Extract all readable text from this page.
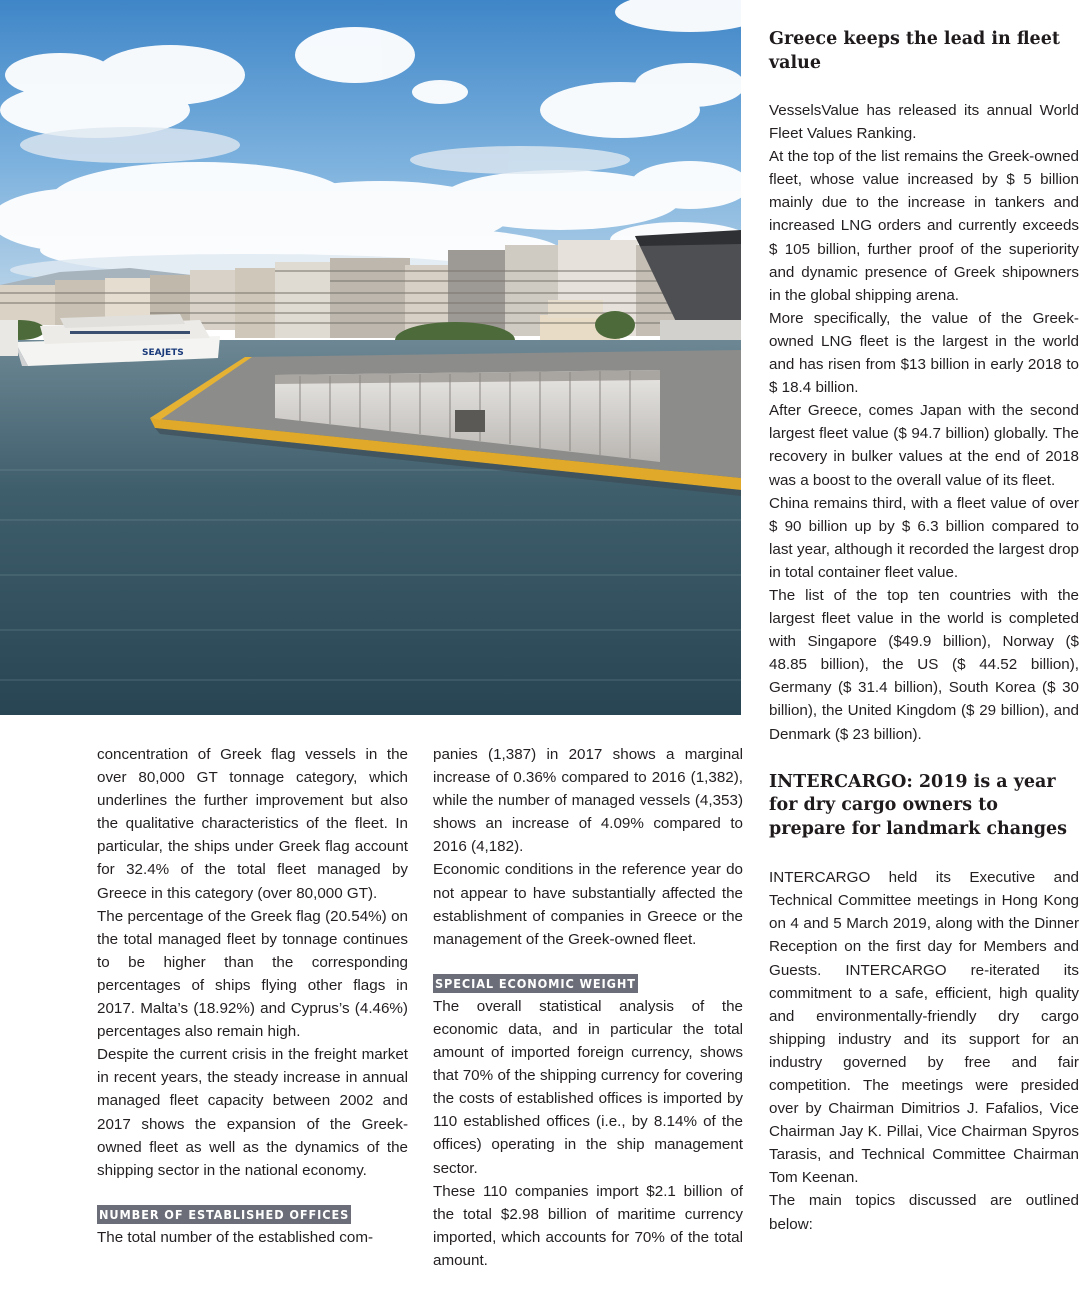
SEAJETS

concentration of Greek flag vessels in the over 80,000 GT tonnage category, which underlines the further improvement but also the qualitative characteristics of the fleet. In particular, the ships under Greek flag account for 32.4% of the total fleet managed by Greece in this category (over 80,000 GT).

The percentage of the Greek flag (20.54%) on the total managed fleet by tonnage continues to be higher than the corresponding percentages of ships flying other flags in 2017. Malta’s (18.92%) and Cyprus’s (4.46%) percentages also remain high.

Despite the current crisis in the freight market in recent years, the steady increase in annual managed fleet capacity between 2002 and 2017 shows the expansion of the Greek-owned fleet as well as the dynamics of the shipping sector in the national economy.

NUMBER OF ESTABLISHED OFFICES

The total number of the established com-

panies (1,387) in 2017 shows a marginal increase of 0.36% compared to 2016 (1,382), while the number of managed vessels (4,353) shows an increase of 4.09% compared to 2016 (4,182).

Economic conditions in the reference year do not appear to have substantially affected the establishment of companies in Greece or the management of the Greek-owned fleet.

SPECIAL ECONOMIC WEIGHT

The overall statistical analysis of the economic data, and in particular the total amount of imported foreign currency, shows that 70% of the shipping currency for covering the costs of established offices is imported by 110 established offices (i.e., by 8.14% of the offices) operating in the ship management sector.

These 110 companies import $2.1 billion of the total $2.98 billion of maritime currency imported, which accounts for 70% of the total amount.

Greece keeps the lead in fleet value

VesselsValue has released its annual World Fleet Values Ranking.

At the top of the list remains the Greek-owned fleet, whose value increased by $ 5 billion mainly due to the increase in tankers and increased LNG orders and currently exceeds $ 105 billion, further proof of the superiority and dynamic presence of Greek shipowners in the global shipping arena.

More specifically, the value of the Greek-owned LNG fleet is the largest in the world and has risen from $13 billion in early 2018 to $ 18.4 billion.

After Greece, comes Japan with the second largest fleet value ($ 94.7 billion) globally. The recovery in bulker values at the end of 2018 was a boost to the overall value of its fleet.

China remains third, with a fleet value of over $ 90 billion up by $ 6.3 billion compared to last year, although it recorded the largest drop in total container fleet value.

The list of the top ten countries with the largest fleet value in the world is completed with Singapore ($49.9 billion), Norway ($ 48.85 billion), the US ($ 44.52 billion), Germany ($ 31.4 billion), South Korea ($ 30 billion), the United Kingdom ($ 29 billion), and Denmark ($ 23 billion).

INTERCARGO: 2019 is a year for dry cargo owners to prepare for landmark changes

INTERCARGO held its Executive and Technical Committee meetings in Hong Kong on 4 and 5 March 2019, along with the Dinner Reception on the first day for Members and Guests. INTERCARGO re-iterated its commitment to a safe, efficient, high quality and environmentally-friendly dry cargo shipping industry and its support for an industry governed by free and fair competition. The meetings were presided over by Chairman Dimitrios J. Fafalios, Vice Chairman Jay K. Pillai, Vice Chairman Spyros Tarasis, and Technical Committee Chairman Tom Keenan.

The main topics discussed are outlined below:
